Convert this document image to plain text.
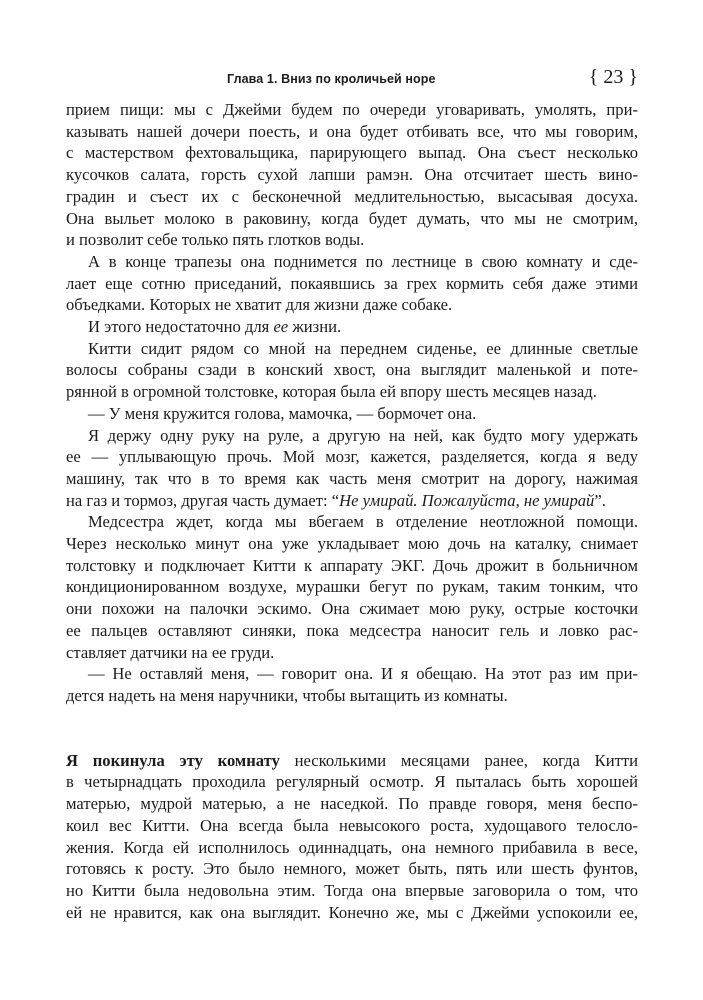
Глава 1. Вниз по кроличьей норе	{ 23 }
прием пищи: мы с Джейми будем по очереди уговаривать, умолять, при-
казывать нашей дочери поесть, и она будет отбивать все, что мы говорим,
с мастерством фехтовальщика, парирующего выпад. Она съест несколько
кусочков салата, горсть сухой лапши рамэн. Она отсчитает шесть вино-
градин и съест их с бесконечной медлительностью, высасывая досуха.
Она выльет молоко в раковину, когда будет думать, что мы не смотрим,
и позволит себе только пять глотков воды.
А в конце трапезы она поднимется по лестнице в свою комнату и сде-
лает еще сотню приседаний, покаявшись за грех кормить себя даже этими
объедками. Которых не хватит для жизни даже собаке.
И этого недостаточно для ее жизни.
Китти сидит рядом со мной на переднем сиденье, ее длинные светлые
волосы собраны сзади в конский хвост, она выглядит маленькой и поте-
рянной в огромной толстовке, которая была ей впору шесть месяцев назад.
— У меня кружится голова, мамочка, — бормочет она.
Я держу одну руку на руле, а другую на ней, как будто могу удержать
ее — уплывающую прочь. Мой мозг, кажется, разделяется, когда я веду
машину, так что в то время как часть меня смотрит на дорогу, нажимая
на газ и тормоз, другая часть думает: “Не умирай. Пожалуйста, не умирай”.
Медсестра ждет, когда мы вбегаем в отделение неотложной помощи.
Через несколько минут она уже укладывает мою дочь на каталку, снимает
толстовку и подключает Китти к аппарату ЭКГ. Дочь дрожит в больничном
кондиционированном воздухе, мурашки бегут по рукам, таким тонким, что
они похожи на палочки эскимо. Она сжимает мою руку, острые косточки
ее пальцев оставляют синяки, пока медсестра наносит гель и ловко рас-
ставляет датчики на ее груди.
— Не оставляй меня, — говорит она. И я обещаю. На этот раз им при-
дется надеть на меня наручники, чтобы вытащить из комнаты.
Я покинула эту комнату несколькими месяцами ранее, когда Китти
в четырнадцать проходила регулярный осмотр. Я пыталась быть хорошей
матерью, мудрой матерью, а не наседкой. По правде говоря, меня беспо-
коил вес Китти. Она всегда была невысокого роста, худощавого телосло-
жения. Когда ей исполнилось одиннадцать, она немного прибавила в весе,
готовясь к росту. Это было немного, может быть, пять или шесть фунтов,
но Китти была недовольна этим. Тогда она впервые заговорила о том, что
ей не нравится, как она выглядит. Конечно же, мы с Джейми успокоили ее,
